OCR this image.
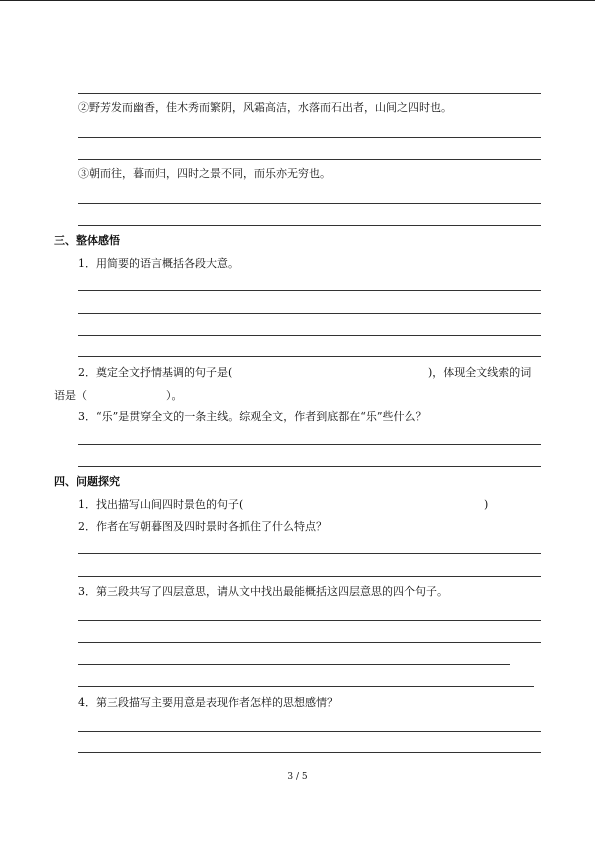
②野芳发而幽香，佳木秀而繁阴，风霜高洁，水落而石出者，山间之四时也。
③朝而往，暮而归，四时之景不同，而乐亦无穷也。
三、整体感悟
1．用简要的语言概括各段大意。
2．奠定全文抒情基调的句子是(	)，体现全文线索的词
语是（	）。
3．“乐”是贯穿全文的一条主线。综观全文，作者到底都在“乐”些什么？
四、问题探究
1．找出描写山间四时景色的句子(	)
2．作者在写朝暮图及四时景时各抓住了什么特点？
3．第三段共写了四层意思，请从文中找出最能概括这四层意思的四个句子。
4．第三段描写主要用意是表现作者怎样的思想感情？
3 / 5
